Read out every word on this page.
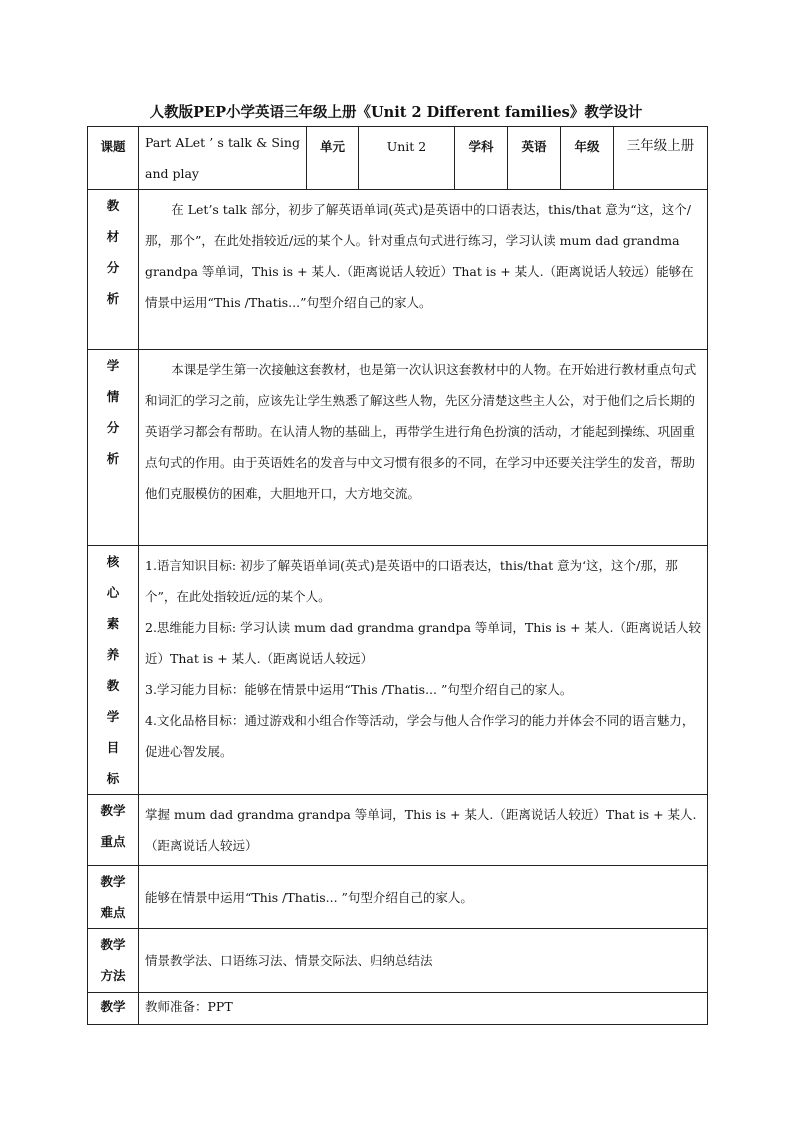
人教版PEP小学英语三年级上册《Unit 2 Different families》教学设计
课题	Part ALet ’ s talk & Sing and play	单元	Unit 2	学科	英语	年级	三年级上册
教材分析	在 Let’s talk 部分，初步了解英语单词(英式)是英语中的口语表达，this/that 意为“这，这个/那，那个”，在此处指较近/远的某个人。针对重点句式进行练习，学习认读 mum dad grandma grandpa 等单词，This is + 某人.（距离说话人较近）That is + 某人.（距离说话人较远）能够在情景中运用“This /Thatis...”句型介绍自己的家人。						

学情分析	本课是学生第一次接触这套教材，也是第一次认识这套教材中的人物。在开始进行教材重点句式和词汇的学习之前，应该先让学生熟悉了解这些人物，先区分清楚这些主人公，对于他们之后长期的英语学习都会有帮助。在认清人物的基础上，再带学生进行角色扮演的活动，才能起到操练、巩固重点句式的作用。由于英语姓名的发音与中文习惯有很多的不同，在学习中还要关注学生的发音，帮助他们克服模仿的困难，大胆地开口，大方地交流。						

核心素养教学目标	1.语言知识目标: 初步了解英语单词(英式)是英语中的口语表达，this/that 意为‘这，这个/那，那个”，在此处指较近/远的某个人。

2.思维能力目标: 学习认读 mum dad grandma grandpa 等单词，This is + 某人.（距离说话人较近）That is + 某人.（距离说话人较远）

3.学习能力目标：能够在情景中运用“This /Thatis... ”句型介绍自己的家人。

4.文化品格目标：通过游戏和小组合作等活动，学会与他人合作学习的能力并体会不同的语言魅力，促进心智发展。						

教学重点	掌握 mum dad grandma grandpa 等单词，This is + 某人.（距离说话人较近）That is + 某人.（距离说话人较远）						
教学难点	能够在情景中运用“This /Thatis... ”句型介绍自己的家人。						
教学方法	情景教学法、口语练习法、情景交际法、归纳总结法						
教学	教师准备：PPT						
